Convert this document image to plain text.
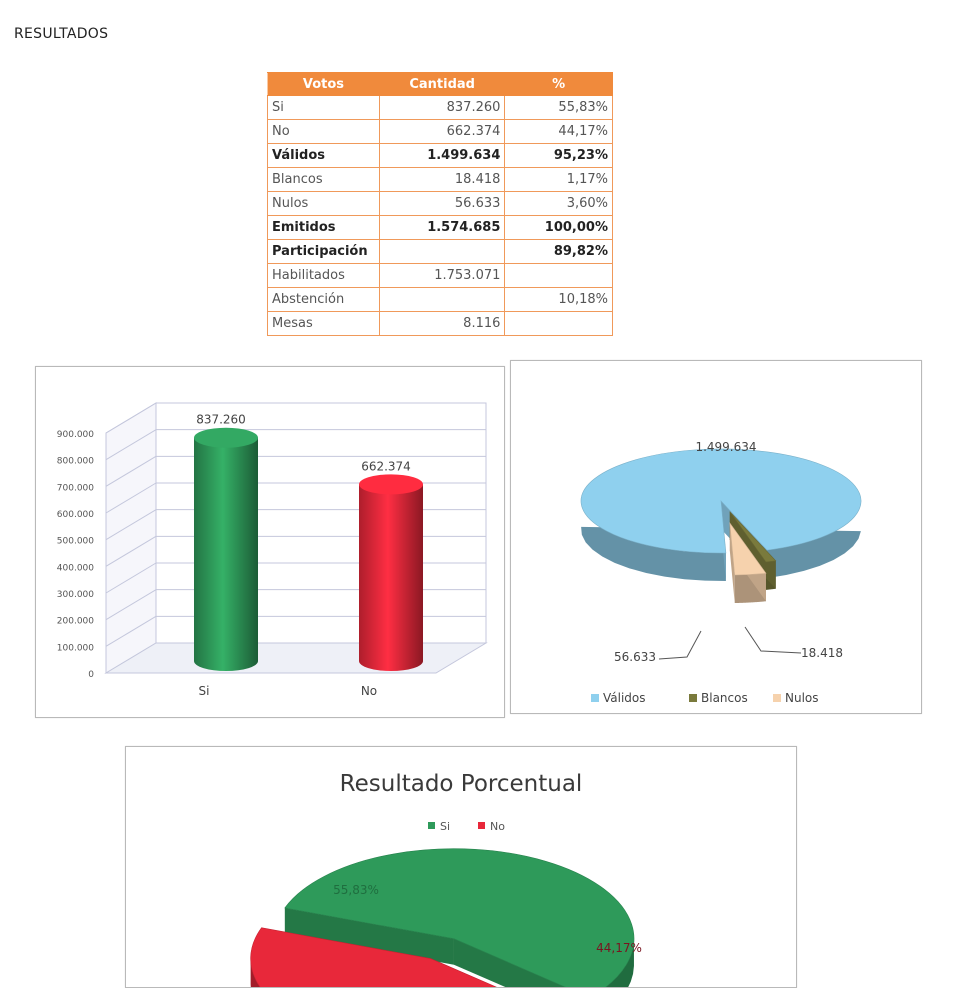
RESULTADOS
Votos	Cantidad	%
Si	837.260	55,83%
No	662.374	44,17%
Válidos	1.499.634	95,23%
Blancos	18.418	1,17%
Nulos	56.633	3,60%
Emitidos	1.574.685	100,00%
Participación		89,82%
Habilitados	1.753.071	
Abstención		10,18%
Mesas	8.116	
0
100.000
200.000
300.000
400.000
500.000
600.000
700.000
800.000
900.000
837.260
Si
662.374
No
1.499.634
18.418
56.633
Válidos	Blancos	Nulos
Resultado Porcentual
Si	No
55,83%
44,17%
